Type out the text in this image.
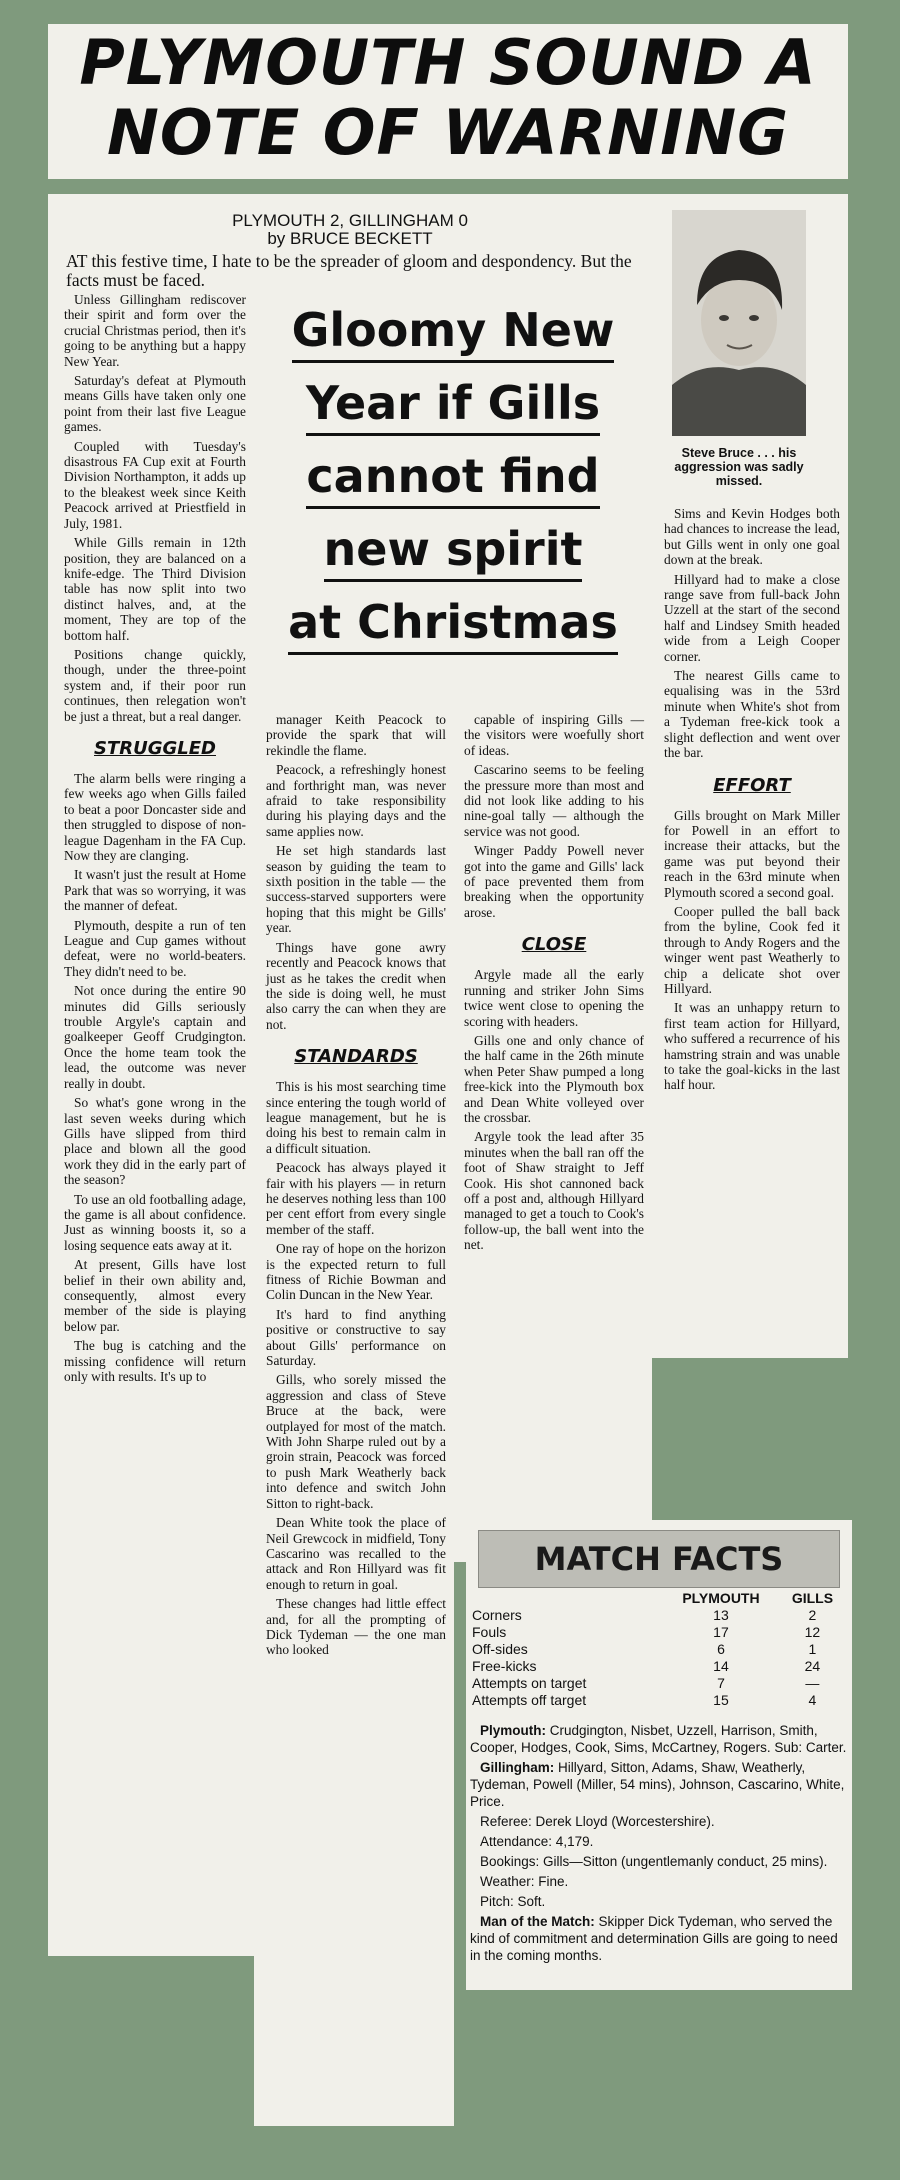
PLYMOUTH SOUND A
NOTE OF WARNING
PLYMOUTH 2, GILLINGHAM 0
by BRUCE BECKETT
AT this festive time, I hate to be the spreader of gloom and despondency. But the facts must be faced.
Steve Bruce . . . his aggression was sadly missed.
Gloomy New
Year if Gills
cannot find
new spirit
at Christmas

Unless Gillingham rediscover their spirit and form over the crucial Christmas period, then it's going to be anything but a happy New Year.

Saturday's defeat at Plymouth means Gills have taken only one point from their last five League games.

Coupled with Tuesday's disastrous FA Cup exit at Fourth Division Northampton, it adds up to the bleakest week since Keith Peacock arrived at Priestfield in July, 1981.

While Gills remain in 12th position, they are balanced on a knife-edge. The Third Division table has now split into two distinct halves, and, at the moment, They are top of the bottom half.

Positions change quickly, though, under the three-point system and, if their poor run continues, then relegation won't be just a threat, but a real danger.

STRUGGLED

The alarm bells were ringing a few weeks ago when Gills failed to beat a poor Doncaster side and then struggled to dispose of non-league Dagenham in the FA Cup. Now they are clanging.

It wasn't just the result at Home Park that was so worrying, it was the manner of defeat.

Plymouth, despite a run of ten League and Cup games without defeat, were no world-beaters. They didn't need to be.

Not once during the entire 90 minutes did Gills seriously trouble Argyle's captain and goalkeeper Geoff Crudgington. Once the home team took the lead, the outcome was never really in doubt.

So what's gone wrong in the last seven weeks during which Gills have slipped from third place and blown all the good work they did in the early part of the season?

To use an old footballing adage, the game is all about confidence. Just as winning boosts it, so a losing sequence eats away at it.

At present, Gills have lost belief in their own ability and, consequently, almost every member of the side is playing below par.

The bug is catching and the missing confidence will return only with results. It's up to

manager Keith Peacock to provide the spark that will rekindle the flame.

Peacock, a refreshingly honest and forthright man, was never afraid to take responsibility during his playing days and the same applies now.

He set high standards last season by guiding the team to sixth position in the table — the success-starved supporters were hoping that this might be Gills' year.

Things have gone awry recently and Peacock knows that just as he takes the credit when the side is doing well, he must also carry the can when they are not.

STANDARDS

This is his most searching time since entering the tough world of league management, but he is doing his best to remain calm in a difficult situation.

Peacock has always played it fair with his players — in return he deserves nothing less than 100 per cent effort from every single member of the staff.

One ray of hope on the horizon is the expected return to full fitness of Richie Bowman and Colin Duncan in the New Year.

It's hard to find anything positive or constructive to say about Gills' performance on Saturday.

Gills, who sorely missed the aggression and class of Steve Bruce at the back, were outplayed for most of the match. With John Sharpe ruled out by a groin strain, Peacock was forced to push Mark Weatherly back into defence and switch John Sitton to right-back.

Dean White took the place of Neil Grewcock in midfield, Tony Cascarino was recalled to the attack and Ron Hillyard was fit enough to return in goal.

These changes had little effect and, for all the prompting of Dick Tydeman — the one man who looked

capable of inspiring Gills — the visitors were woefully short of ideas.

Cascarino seems to be feeling the pressure more than most and did not look like adding to his nine-goal tally — although the service was not good.

Winger Paddy Powell never got into the game and Gills' lack of pace prevented them from breaking when the opportunity arose.

CLOSE

Argyle made all the early running and striker John Sims twice went close to opening the scoring with headers.

Gills one and only chance of the half came in the 26th minute when Peter Shaw pumped a long free-kick into the Plymouth box and Dean White volleyed over the crossbar.

Argyle took the lead after 35 minutes when the ball ran off the foot of Shaw straight to Jeff Cook. His shot cannoned back off a post and, although Hillyard managed to get a touch to Cook's follow-up, the ball went into the net.

Sims and Kevin Hodges both had chances to increase the lead, but Gills went in only one goal down at the break.

Hillyard had to make a close range save from full-back John Uzzell at the start of the second half and Lindsey Smith headed wide from a Leigh Cooper corner.

The nearest Gills came to equalising was in the 53rd minute when White's shot from a Tydeman free-kick took a slight deflection and went over the bar.

EFFORT

Gills brought on Mark Miller for Powell in an effort to increase their attacks, but the game was put beyond their reach in the 63rd minute when Plymouth scored a second goal.

Cooper pulled the ball back from the byline, Cook fed it through to Andy Rogers and the winger went past Weatherly to chip a delicate shot over Hillyard.

It was an unhappy return to first team action for Hillyard, who suffered a recurrence of his hamstring strain and was unable to take the goal-kicks in the last half hour.

MATCH FACTS
	PLYMOUTH	GILLS
Corners	13	2
Fouls	17	12
Off-sides	6	1
Free-kicks	14	24
Attempts on target	7	—
Attempts off target	15	4

Plymouth: Crudgington, Nisbet, Uzzell, Harrison, Smith, Cooper, Hodges, Cook, Sims, McCartney, Rogers. Sub: Carter.

Gillingham: Hillyard, Sitton, Adams, Shaw, Weatherly, Tydeman, Powell (Miller, 54 mins), Johnson, Cascarino, White, Price.

Referee: Derek Lloyd (Worcestershire).

Attendance: 4,179.

Bookings: Gills—Sitton (ungentlemanly conduct, 25 mins).

Weather: Fine.

Pitch: Soft.

Man of the Match: Skipper Dick Tydeman, who served the kind of commitment and determination Gills are going to need in the coming months.
